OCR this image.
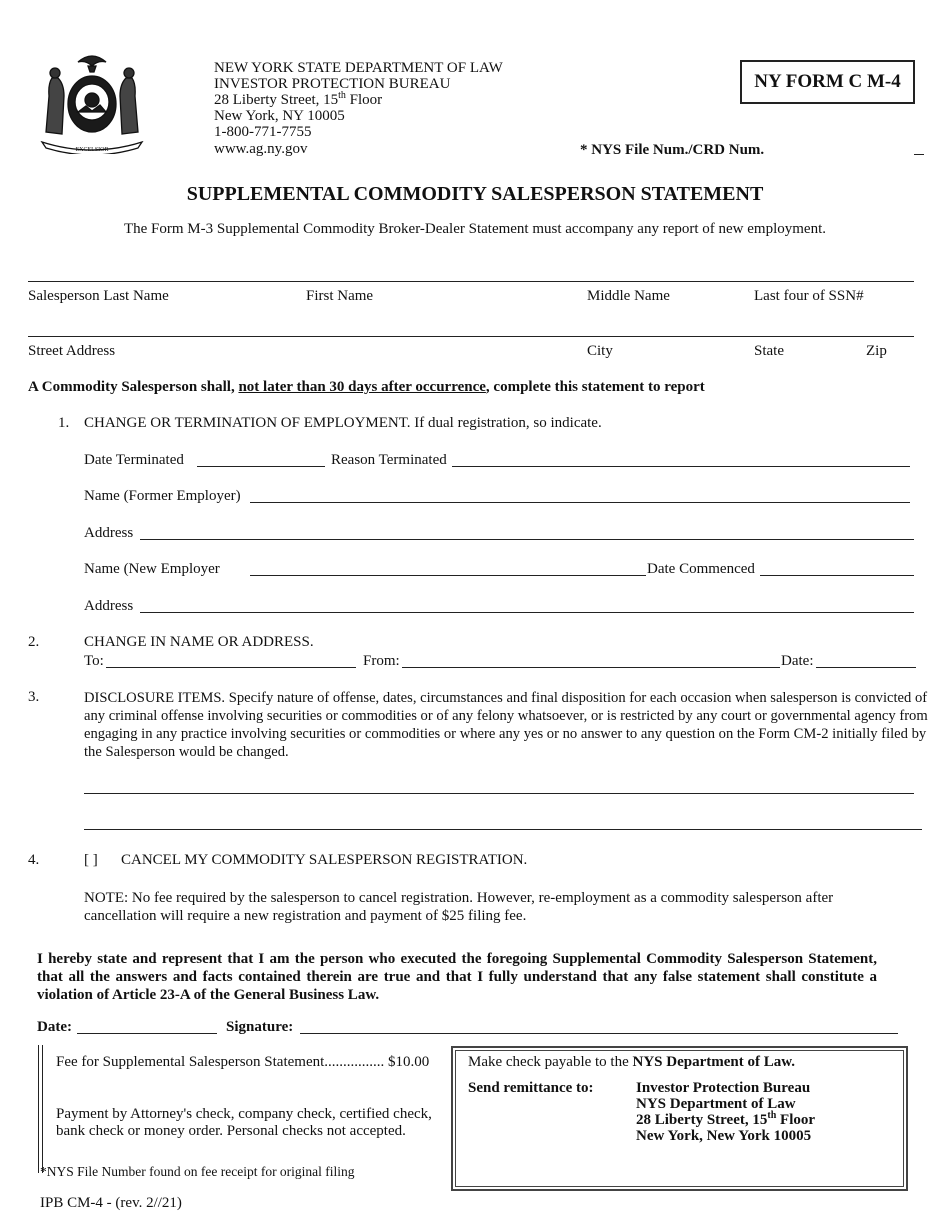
EXCELSIOR
NEW YORK STATE DEPARTMENT OF LAW
INVESTOR PROTECTION BUREAU
28 Liberty Street, 15th Floor
New York, NY 10005
1-800-771-7755
www.ag.ny.gov
NY FORM C M-4
* NYS File Num./CRD Num.
SUPPLEMENTAL COMMODITY SALESPERSON STATEMENT
The Form M-3 Supplemental Commodity Broker-Dealer Statement must accompany any report of new employment.
Salesperson Last Name	First Name	Middle Name	Last four of SSN#
Street Address	City	State	Zip
A Commodity Salesperson shall, not later than 30 days after occurrence, complete this statement to report
1. CHANGE OR TERMINATION OF EMPLOYMENT. If dual registration, so indicate.
Date Terminated	Reason Terminated
Name (Former Employer)
Address
Name (New Employer	Date Commenced
Address
2.	CHANGE IN NAME OR ADDRESS.
To:	From:	Date:
3.	DISCLOSURE ITEMS. Specify nature of offense, dates, circumstances and final disposition for each occasion when salesperson is convicted of any criminal offense involving securities or commodities or of any felony whatsoever, or is restricted by any court or governmental agency from engaging in any practice involving securities or commodities or where any yes or no answer to any question on the Form CM-2 initially filed by the Salesperson would be changed.
4.	[ ] CANCEL MY COMMODITY SALESPERSON REGISTRATION.
NOTE: No fee required by the salesperson to cancel registration. However, re-employment as a commodity salesperson after cancellation will require a new registration and payment of $25 filing fee.
I hereby state and represent that I am the person who executed the foregoing Supplemental Commodity Salesperson Statement, that all the answers and facts contained therein are true and that I fully understand that any false statement shall constitute a violation of Article 23-A of the General Business Law.
Date:	Signature:
Fee for Supplemental Salesperson Statement................ $10.00
Payment by Attorney's check, company check, certified check,
bank check or money order. Personal checks not accepted.
*NYS File Number found on fee receipt for original filing
Make check payable to the NYS Department of Law.
Send remittance to:	Investor Protection Bureau
NYS Department of Law
28 Liberty Street, 15th Floor
New York, New York 10005
IPB CM-4 - (rev. 2//21)
